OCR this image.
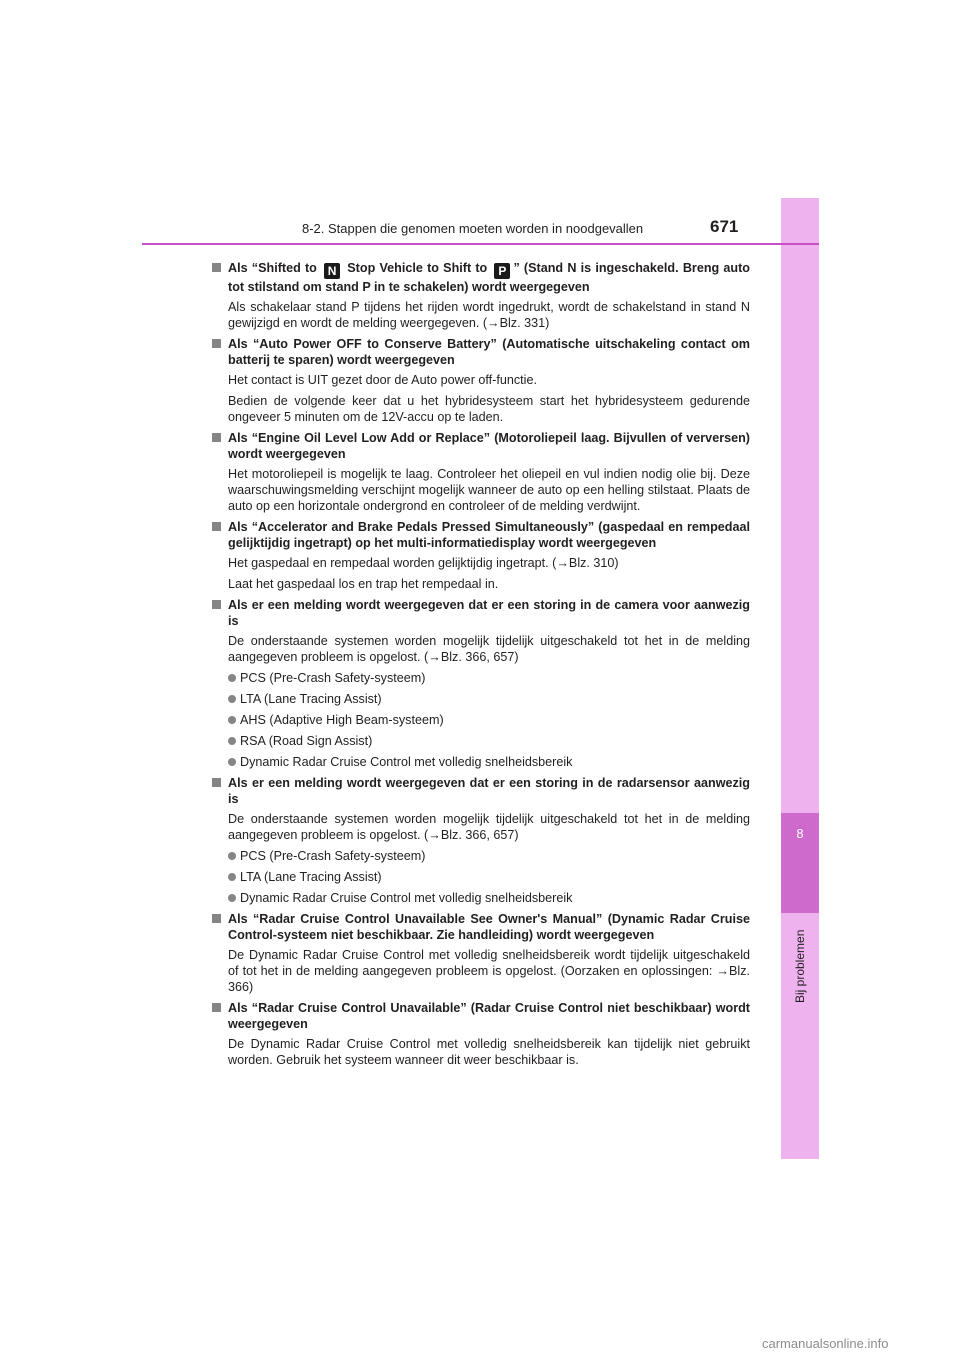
8
Bij problemen
8-2. Stappen die genomen moeten worden in noodgevallen	671
Als “Shifted to N Stop Vehicle to Shift to P ” (Stand N is ingeschakeld. Breng auto tot stilstand om stand P in te schakelen) wordt weergegeven
Als schakelaar stand P tijdens het rijden wordt ingedrukt, wordt de schakelstand in stand N gewijzigd en wordt de melding weergegeven. (→Blz. 331)
Als “Auto Power OFF to Conserve Battery” (Automatische uitschakeling contact om batterij te sparen) wordt weergegeven
Het contact is UIT gezet door de Auto power off-functie.
Bedien de volgende keer dat u het hybridesysteem start het hybridesysteem gedurende ongeveer 5 minuten om de 12V-accu op te laden.
Als “Engine Oil Level Low Add or Replace” (Motoroliepeil laag. Bijvullen of verversen) wordt weergegeven
Het motoroliepeil is mogelijk te laag. Controleer het oliepeil en vul indien nodig olie bij. Deze waarschuwingsmelding verschijnt mogelijk wanneer de auto op een helling stilstaat. Plaats de auto op een horizontale ondergrond en controleer of de melding verdwijnt.
Als “Accelerator and Brake Pedals Pressed Simultaneously” (gaspedaal en rempedaal gelijktijdig ingetrapt) op het multi-informatiedisplay wordt weergegeven
Het gaspedaal en rempedaal worden gelijktijdig ingetrapt. (→Blz. 310)
Laat het gaspedaal los en trap het rempedaal in.
Als er een melding wordt weergegeven dat er een storing in de camera voor aanwezig is
De onderstaande systemen worden mogelijk tijdelijk uitgeschakeld tot het in de melding aangegeven probleem is opgelost. (→Blz. 366, 657)
PCS (Pre-Crash Safety-systeem)
LTA (Lane Tracing Assist)
AHS (Adaptive High Beam-systeem)
RSA (Road Sign Assist)
Dynamic Radar Cruise Control met volledig snelheidsbereik
Als er een melding wordt weergegeven dat er een storing in de radarsensor aanwezig is
De onderstaande systemen worden mogelijk tijdelijk uitgeschakeld tot het in de melding aangegeven probleem is opgelost. (→Blz. 366, 657)
PCS (Pre-Crash Safety-systeem)
LTA (Lane Tracing Assist)
Dynamic Radar Cruise Control met volledig snelheidsbereik
Als “Radar Cruise Control Unavailable See Owner's Manual” (Dynamic Radar Cruise Control-systeem niet beschikbaar. Zie handleiding) wordt weergegeven
De Dynamic Radar Cruise Control met volledig snelheidsbereik wordt tijdelijk uitgeschakeld of tot het in de melding aangegeven probleem is opgelost. (Oorzaken en oplossingen: →Blz. 366)
Als “Radar Cruise Control Unavailable” (Radar Cruise Control niet beschikbaar) wordt weergegeven
De Dynamic Radar Cruise Control met volledig snelheidsbereik kan tijdelijk niet gebruikt worden. Gebruik het systeem wanneer dit weer beschikbaar is.
carmanualsonline.info
